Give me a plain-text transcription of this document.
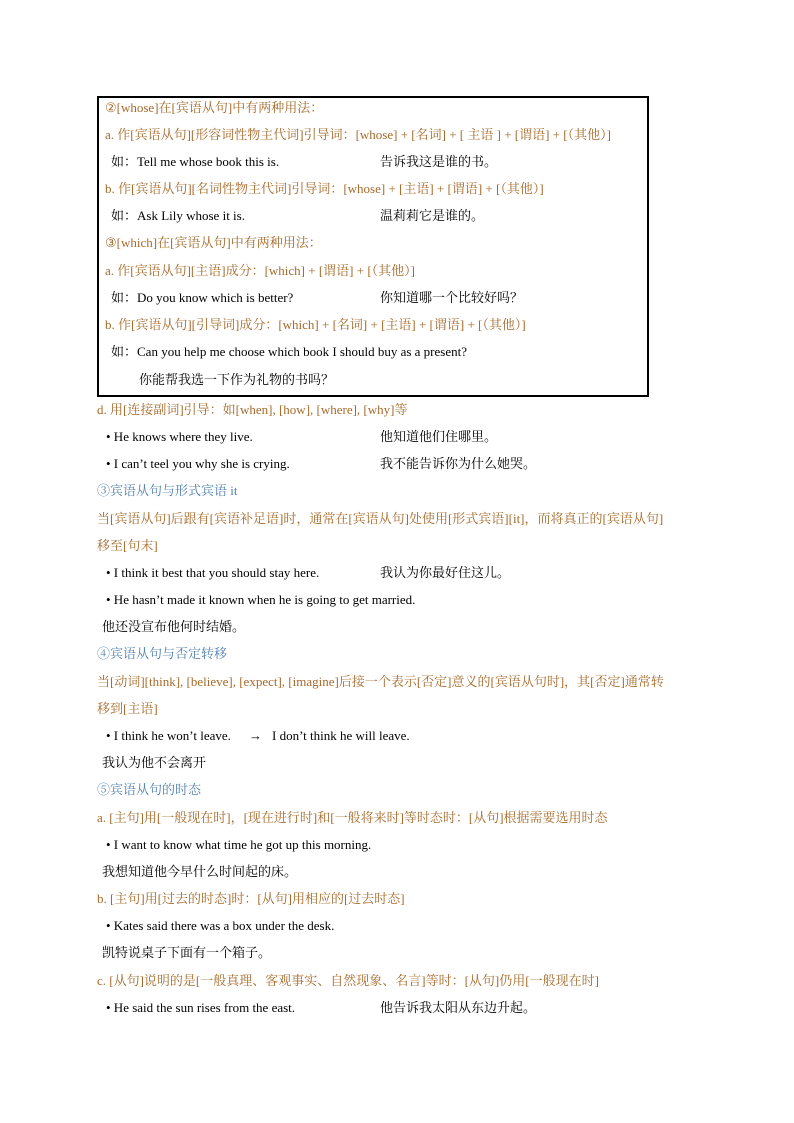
②[whose]在[宾语从句]中有两种用法：
a. 作[宾语从句][形容词性物主代词]引导词：[whose] + [名词] + [ 主语 ] + [谓语] + [（其他）]
如：Tell me whose book this is.	告诉我这是谁的书。
b. 作[宾语从句][名词性物主代词]引导词：[whose] + [主语] + [谓语] + [（其他）]
如：Ask Lily whose it is.	温莉莉它是谁的。
③[which]在[宾语从句]中有两种用法：
a. 作[宾语从句][主语]成分：[which] + [谓语] + [（其他）]
如：Do you know which is better?	你知道哪一个比较好吗？
b. 作[宾语从句][引导词]成分：[which] + [名词] + [主语] + [谓语] + [（其他）]
如：Can you help me choose which book I should buy as a present?
你能帮我选一下作为礼物的书吗？
d. 用[连接副词]引导：如[when], [how], [where], [why]等
• He knows where they live.	他知道他们住哪里。
• I can’t teel you why she is crying.	我不能告诉你为什么她哭。
③宾语从句与形式宾语 it
当[宾语从句]后跟有[宾语补足语]时，通常在[宾语从句]处使用[形式宾语][it]，而将真正的[宾语从句]
移至[句末]
• I think it best that you should stay here.	我认为你最好住这儿。
• He hasn’t made it known when he is going to get married.
他还没宣布他何时结婚。
④宾语从句与否定转移
当[动词][think], [believe], [expect], [imagine]后接一个表示[否定]意义的[宾语从句时]，其[否定]通常转
移到[主语]
• I think he won’t leave. → I don’t think he will leave.
我认为他不会离开
⑤宾语从句的时态
a. [主句]用[一般现在时]，[现在进行时]和[一般将来时]等时态时：[从句]根据需要选用时态
• I want to know what time he got up this morning.
我想知道他今早什么时间起的床。
b. [主句]用[过去的时态]时：[从句]用相应的[过去时态]
• Kates said there was a box under the desk.
凯特说桌子下面有一个箱子。
c. [从句]说明的是[一般真理、客观事实、自然现象、名言]等时：[从句]仍用[一般现在时]
• He said the sun rises from the east.	他告诉我太阳从东边升起。
